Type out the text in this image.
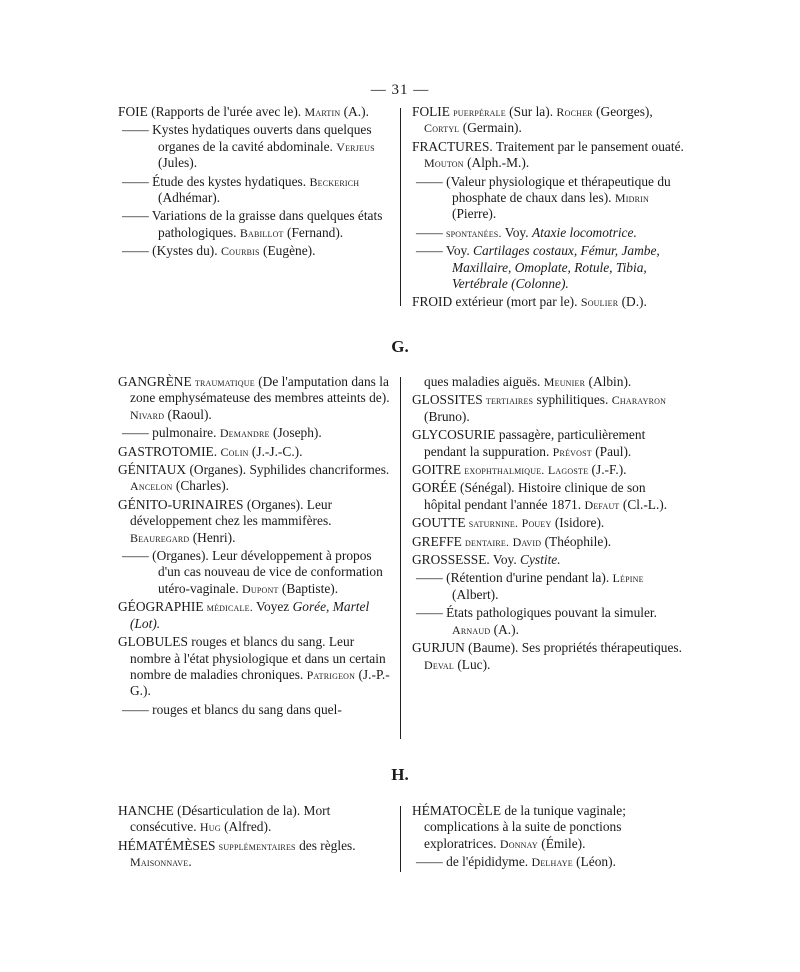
— 31 —
FOIE (Rapports de l'urée avec le). Martin (A.).
—— Kystes hydatiques ouverts dans quelques organes de la cavité abdominale. Verjeus (Jules).
—— Étude des kystes hydatiques. Beckerich (Adhémar).
—— Variations de la graisse dans quelques états pathologiques. Babillot (Fernand).
—— (Kystes du). Courbis (Eugène).
FOLIE puerpérale (Sur la). Rocher (Georges), Cortyl (Germain).
FRACTURES. Traitement par le pansement ouaté. Mouton (Alph.-M.).
—— (Valeur physiologique et thérapeutique du phosphate de chaux dans les). Midrin (Pierre).
—— spontanées. Voy. Ataxie locomotrice.
—— Voy. Cartilages costaux, Fémur, Jambe, Maxillaire, Omoplate, Rotule, Tibia, Vertébrale (Colonne).
FROID extérieur (mort par le). Soulier (D.).
G.
GANGRÈNE traumatique (De l'amputation dans la zone emphysémateuse des membres atteints de). Nivard (Raoul).
—— pulmonaire. Demandre (Joseph).
GASTROTOMIE. Colin (J.-J.-C.).
GÉNITAUX (Organes). Syphilides chancriformes. Ancelon (Charles).
GÉNITO-URINAIRES (Organes). Leur développement chez les mammifères. Beauregard (Henri).
—— (Organes). Leur développement à propos d'un cas nouveau de vice de conformation utéro-vaginale. Dupont (Baptiste).
GÉOGRAPHIE médicale. Voyez Gorée, Martel (Lot).
GLOBULES rouges et blancs du sang. Leur nombre à l'état physiologique et dans un certain nombre de maladies chroniques. Patrigeon (J.-P.-G.).
—— rouges et blancs du sang dans quel-
ques maladies aiguës. Meunier (Albin).
GLOSSITES tertiaires syphilitiques. Charayron (Bruno).
GLYCOSURIE passagère, particulièrement pendant la suppuration. Prévost (Paul).
GOITRE exophthalmique. Lagoste (J.-F.).
GORÉE (Sénégal). Histoire clinique de son hôpital pendant l'année 1871. Defaut (Cl.-L.).
GOUTTE saturnine. Pouey (Isidore).
GREFFE dentaire. David (Théophile).
GROSSESSE. Voy. Cystite.
—— (Rétention d'urine pendant la). Lépine (Albert).
—— États pathologiques pouvant la simuler. Arnaud (A.).
GURJUN (Baume). Ses propriétés thérapeutiques. Deval (Luc).
H.
HANCHE (Désarticulation de la). Mort consécutive. Hug (Alfred).
HÉMATÉMÈSES supplémentaires des règles. Maisonnave.
HÉMATOCÈLE de la tunique vaginale; complications à la suite de ponctions exploratrices. Donnay (Émile).
—— de l'épididyme. Delhaye (Léon).
